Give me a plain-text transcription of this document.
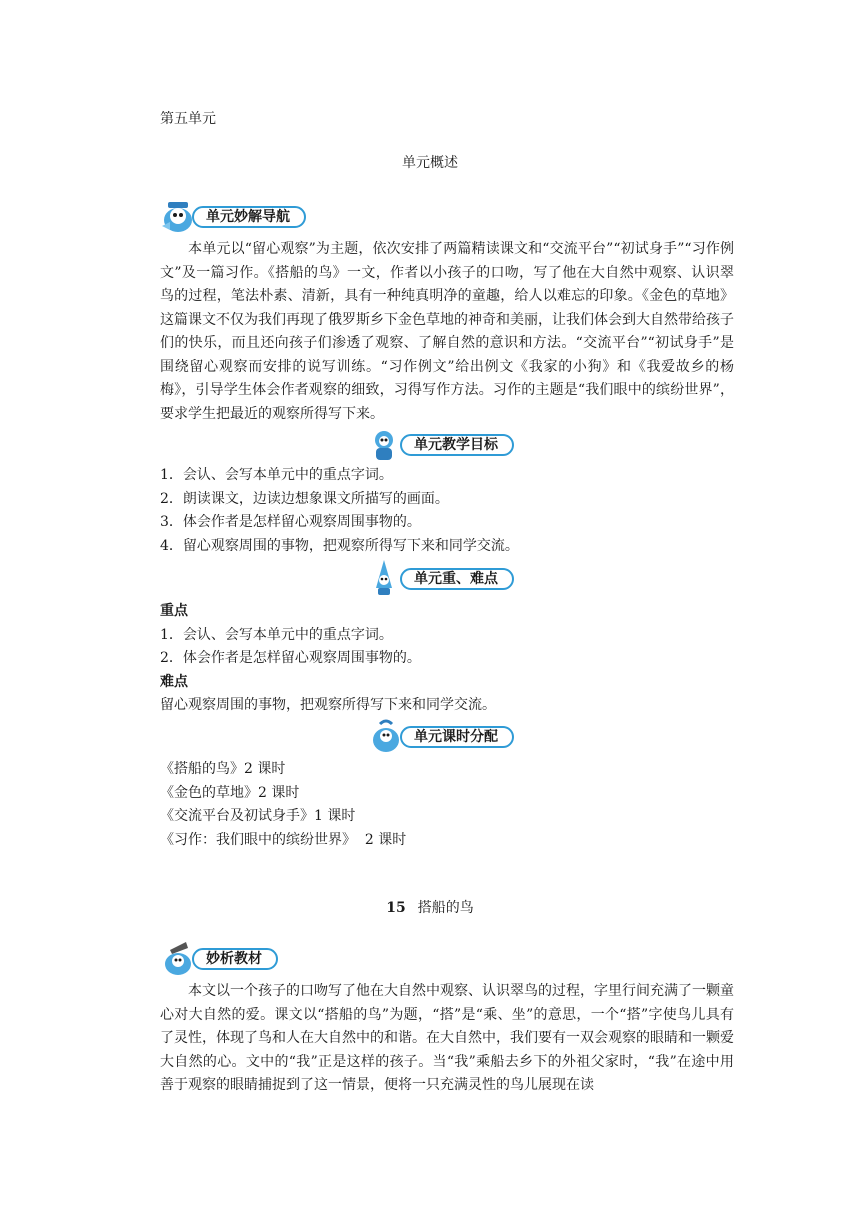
第五单元
单元概述
单元妙解导航
本单元以“留心观察”为主题，依次安排了两篇精读课文和“交流平台”“初试身手”“习作例文”及一篇习作。《搭船的鸟》一文，作者以小孩子的口吻，写了他在大自然中观察、认识翠鸟的过程，笔法朴素、清新，具有一种纯真明净的童趣，给人以难忘的印象。《金色的草地》这篇课文不仅为我们再现了俄罗斯乡下金色草地的神奇和美丽，让我们体会到大自然带给孩子们的快乐，而且还向孩子们渗透了观察、了解自然的意识和方法。“交流平台”“初试身手”是围绕留心观察而安排的说写训练。“习作例文”给出例文《我家的小狗》和《我爱故乡的杨梅》，引导学生体会作者观察的细致，习得写作方法。习作的主题是“我们眼中的缤纷世界”，要求学生把最近的观察所得写下来。
单元教学目标
1．会认、会写本单元中的重点字词。
2．朗读课文，边读边想象课文所描写的画面。
3．体会作者是怎样留心观察周围事物的。
4．留心观察周围的事物，把观察所得写下来和同学交流。
单元重、难点
重点
1．会认、会写本单元中的重点字词。
2．体会作者是怎样留心观察周围事物的。
难点
留心观察周围的事物，把观察所得写下来和同学交流。
单元课时分配
《搭船的鸟》2 课时
《金色的草地》2 课时
《交流平台及初试身手》1 课时
《习作：我们眼中的缤纷世界》  2 课时
15 搭船的鸟
妙析教材
本文以一个孩子的口吻写了他在大自然中观察、认识翠鸟的过程，字里行间充满了一颗童心对大自然的爱。课文以“搭船的鸟”为题，“搭”是“乘、坐”的意思，一个“搭”字使鸟儿具有了灵性，体现了鸟和人在大自然中的和谐。在大自然中，我们要有一双会观察的眼睛和一颗爱大自然的心。文中的“我”正是这样的孩子。当“我”乘船去乡下的外祖父家时，“我”在途中用善于观察的眼睛捕捉到了这一情景，便将一只充满灵性的鸟儿展现在读
